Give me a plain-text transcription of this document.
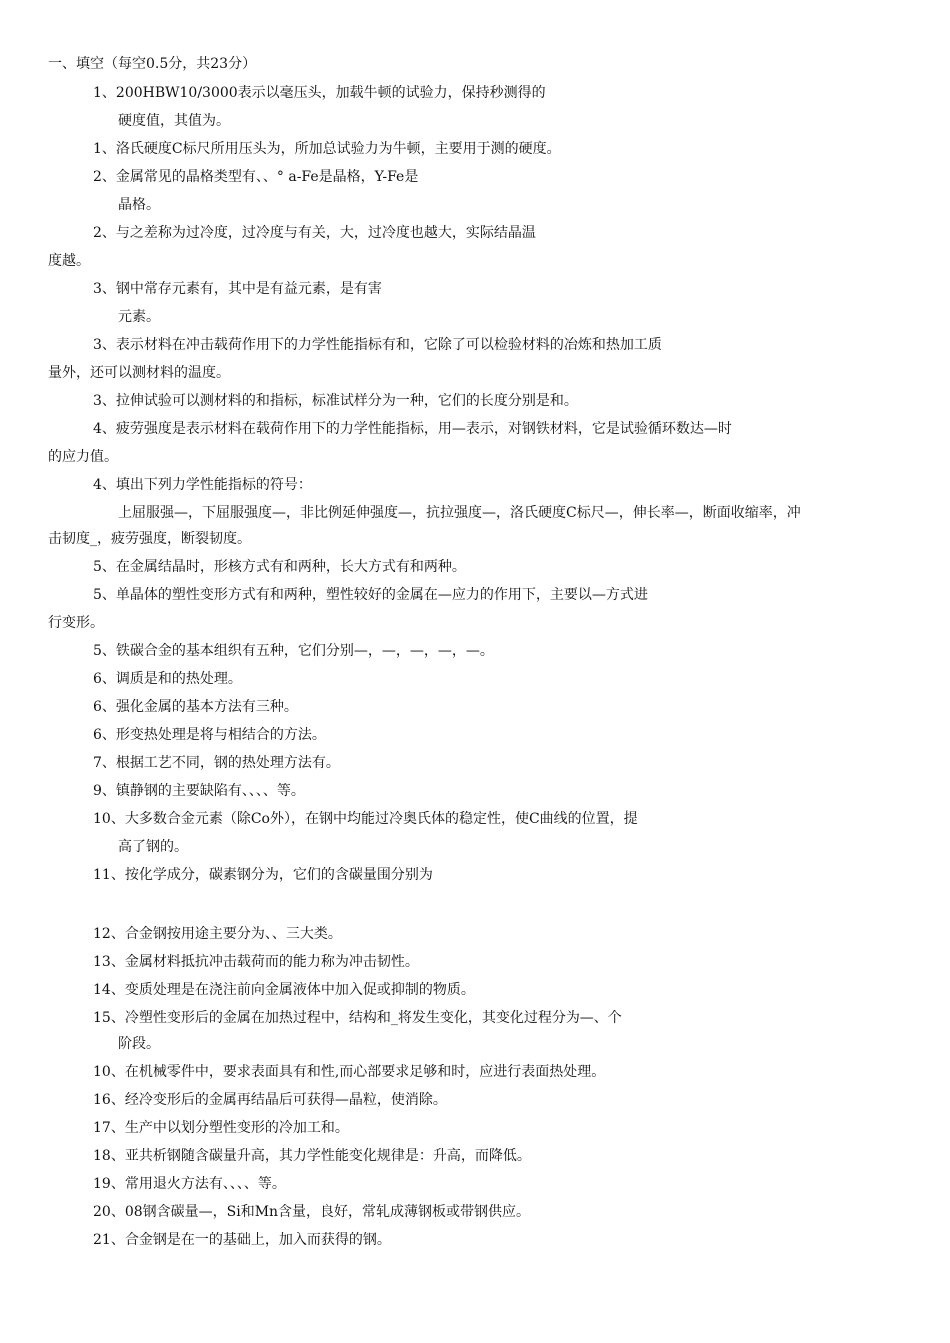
一、填空（每空0.5分，共23分）
1、200HBW10/3000表示以毫压头，加载牛顿的试验力，保持秒测得的
硬度值，其值为。
1、洛氏硬度C标尺所用压头为，所加总试验力为牛顿，主要用于测的硬度。
2、金属常见的晶格类型有、、° a-Fe是晶格，Y-Fe是
晶格。
2、与之差称为过冷度，过冷度与有关，大，过冷度也越大，实际结晶温
度越。
3、钢中常存元素有，其中是有益元素，是有害
元素。
3、表示材料在冲击载荷作用下的力学性能指标有和，它除了可以检验材料的冶炼和热加工质
量外，还可以测材料的温度。
3、拉伸试验可以测材料的和指标，标准试样分为一种，它们的长度分别是和。
4、疲劳强度是表示材料在载荷作用下的力学性能指标，用—表示，对钢铁材料，它是试验循环数达—时
的应力值。
4、填出下列力学性能指标的符号：
上屈服强—，下屈服强度—，非比例延伸强度—，抗拉强度—，洛氏硬度C标尺—，伸长率—，断面收缩率，冲
击韧度_，疲劳强度，断裂韧度。
5、在金属结晶时，形核方式有和两种，长大方式有和两种。
5、单晶体的塑性变形方式有和两种，塑性较好的金属在—应力的作用下，主要以—方式进
行变形。
5、铁碳合金的基本组织有五种，它们分别—，—，—，—，—。
6、调质是和的热处理。
6、强化金属的基本方法有三种。
6、形变热处理是将与相结合的方法。
7、根据工艺不同，钢的热处理方法有。
9、镇静钢的主要缺陷有、、、、等。
10、大多数合金元素（除Co外），在钢中均能过冷奥氏体的稳定性，使C曲线的位置，提
高了钢的。
11、按化学成分，碳素钢分为，它们的含碳量围分别为
12、合金钢按用途主要分为、、三大类。
13、金属材料抵抗冲击载荷而的能力称为冲击韧性。
14、变质处理是在浇注前向金属液体中加入促或抑制的物质。
15、冷塑性变形后的金属在加热过程中，结构和_将发生变化，其变化过程分为—、个
阶段。
10、在机械零件中，要求表面具有和性,而心部要求足够和时，应进行表面热处理。
16、经冷变形后的金属再结晶后可获得—晶粒，使消除。
17、生产中以划分塑性变形的冷加工和。
18、亚共析钢随含碳量升高，其力学性能变化规律是：升高，而降低。
19、常用退火方法有、、、、等。
20、08钢含碳量—，Si和Mn含量，良好，常轧成薄钢板或带钢供应。
21、合金钢是在一的基础上，加入而获得的钢。
